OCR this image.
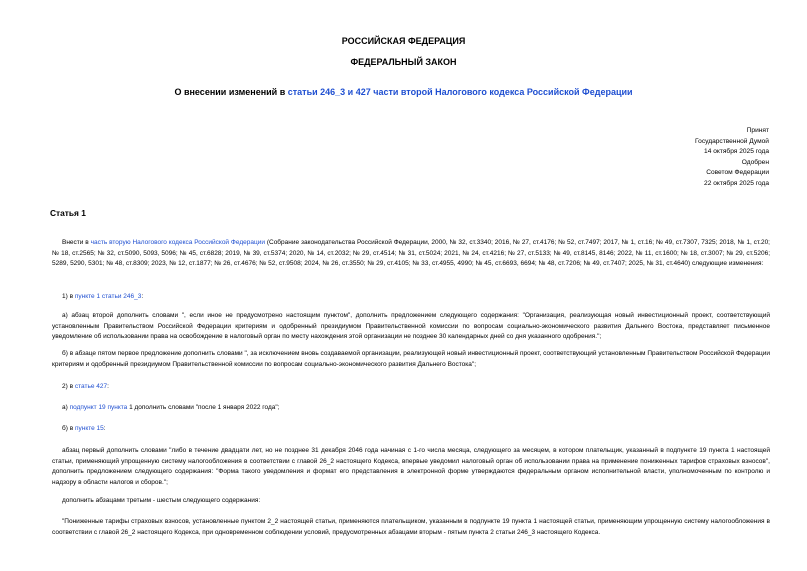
РОССИЙСКАЯ ФЕДЕРАЦИЯ
ФЕДЕРАЛЬНЫЙ ЗАКОН
О внесении изменений в статьи 246_3 и 427 части второй Налогового кодекса Российской Федерации
Принят
Государственной Думой
14 октября 2025 года
Одобрен
Советом Федерации
22 октября 2025 года
Статья 1

Внести в часть вторую Налогового кодекса Российской Федерации (Собрание законодательства Российской Федерации, 2000, № 32, ст.3340; 2016, № 27, ст.4176; № 52, ст.7497; 2017, № 1, ст.16; № 49, ст.7307, 7325; 2018, № 1, ст.20; № 18, ст.2565; № 32, ст.5090, 5093, 5096; № 45, ст.6828; 2019, № 39, ст.5374; 2020, № 14, ст.2032; № 29, ст.4514; № 31, ст.5024; 2021, № 24, ст.4216; № 27, ст.5133; № 49, ст.8145, 8146; 2022, № 11, ст.1600; № 18, ст.3007; № 29, ст.5206; 5289, 5290, 5301; № 48, ст.8309; 2023, № 12, ст.1877; № 26, ст.4676; № 52, ст.9508; 2024, № 26, ст.3550; № 29, ст.4105; № 33, ст.4955, 4990; № 45, ст.6693, 6694; № 48, ст.7206; № 49, ст.7407; 2025, № 31, ст.4640) следующие изменения:

1) в пункте 1 статьи 246_3:

а) абзац второй дополнить словами ", если иное не предусмотрено настоящим пунктом", дополнить предложением следующего содержания: "Организация, реализующая новый инвестиционный проект, соответствующий установленным Правительством Российской Федерации критериям и одобренный президиумом Правительственной комиссии по вопросам социально-экономического развития Дальнего Востока, представляет письменное уведомление об использовании права на освобождение в налоговый орган по месту нахождения этой организации не позднее 30 календарных дней со дня указанного одобрения.";

б) в абзаце пятом первое предложение дополнить словами ", за исключением вновь создаваемой организации, реализующей новый инвестиционный проект, соответствующий установленным Правительством Российской Федерации критериям и одобренный президиумом Правительственной комиссии по вопросам социально-экономического развития Дальнего Востока";

2) в статье 427:

а) подпункт 19 пункта 1 дополнить словами "после 1 января 2022 года";

б) в пункте 15:

абзац первый дополнить словами "либо в течение двадцати лет, но не позднее 31 декабря 2046 года начиная с 1-го числа месяца, следующего за месяцем, в котором плательщик, указанный в подпункте 19 пункта 1 настоящей статьи, применяющий упрощенную систему налогообложения в соответствии с главой 26_2 настоящего Кодекса, впервые уведомил налоговый орган об использовании права на применение пониженных тарифов страховых взносов", дополнить предложением следующего содержания: "Форма такого уведомления и формат его представления в электронной форме утверждаются федеральным органом исполнительной власти, уполномоченным по контролю и надзору в области налогов и сборов.";

дополнить абзацами третьим - шестым следующего содержания:

"Пониженные тарифы страховых взносов, установленные пунктом 2_2 настоящей статьи, применяются плательщиком, указанным в подпункте 19 пункта 1 настоящей статьи, применяющим упрощенную систему налогообложения в соответствии с главой 26_2 настоящего Кодекса, при одновременном соблюдении условий, предусмотренных абзацами вторым - пятым пункта 2 статьи 246_3 настоящего Кодекса.
